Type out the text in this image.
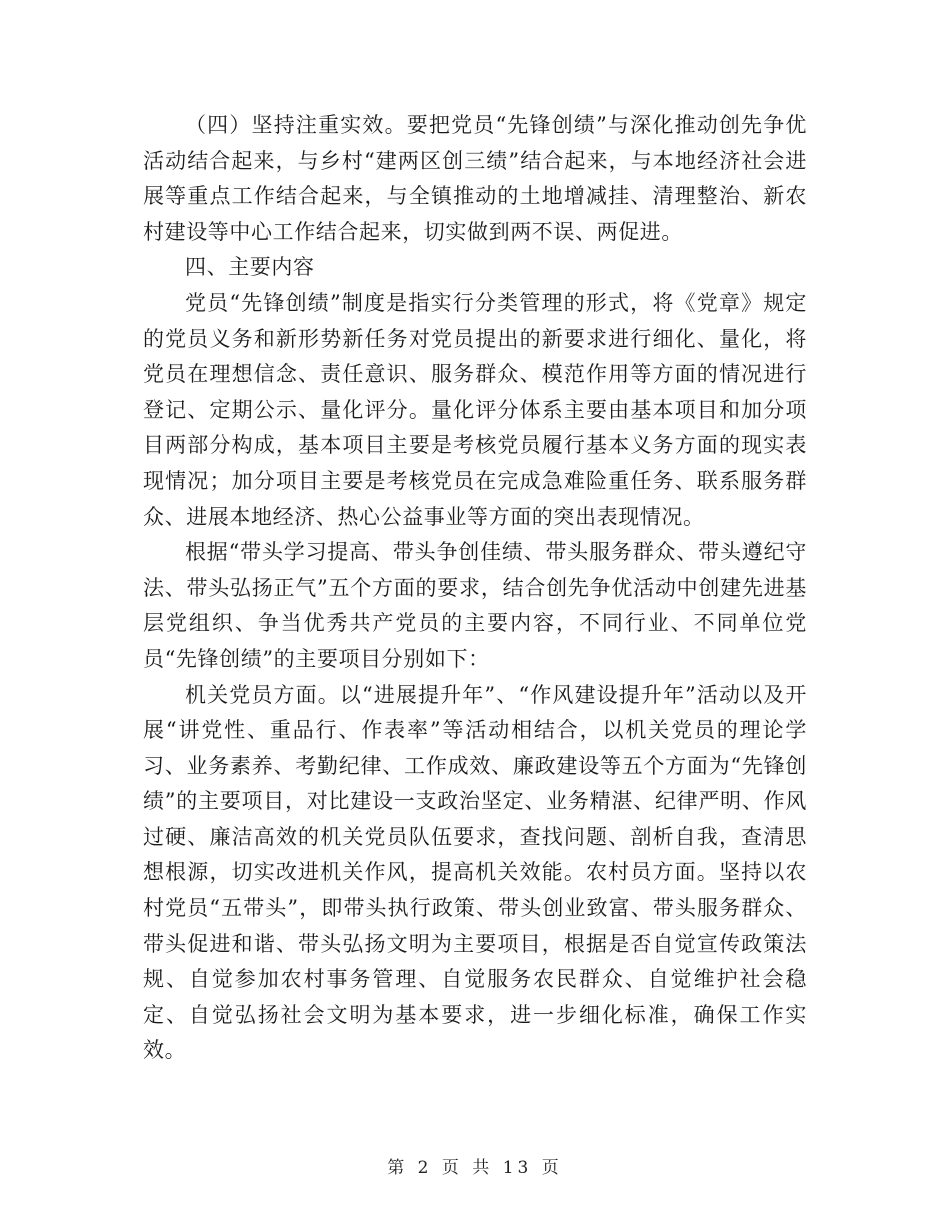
（四）坚持注重实效。要把党员“先锋创绩”与深化推动创先争优活动结合起来，与乡村“建两区创三绩”结合起来，与本地经济社会进展等重点工作结合起来，与全镇推动的土地增减挂、清理整治、新农村建设等中心工作结合起来，切实做到两不误、两促进。

四、主要内容

党员“先锋创绩”制度是指实行分类管理的形式，将《党章》规定的党员义务和新形势新任务对党员提出的新要求进行细化、量化，将党员在理想信念、责任意识、服务群众、模范作用等方面的情况进行登记、定期公示、量化评分。量化评分体系主要由基本项目和加分项目两部分构成，基本项目主要是考核党员履行基本义务方面的现实表现情况；加分项目主要是考核党员在完成急难险重任务、联系服务群众、进展本地经济、热心公益事业等方面的突出表现情况。

根据“带头学习提高、带头争创佳绩、带头服务群众、带头遵纪守法、带头弘扬正气”五个方面的要求，结合创先争优活动中创建先进基层党组织、争当优秀共产党员的主要内容，不同行业、不同单位党员“先锋创绩”的主要项目分别如下：

机关党员方面。以“进展提升年”、“作风建设提升年”活动以及开展“讲党性、重品行、作表率”等活动相结合，以机关党员的理论学习、业务素养、考勤纪律、工作成效、廉政建设等五个方面为“先锋创绩”的主要项目，对比建设一支政治坚定、业务精湛、纪律严明、作风过硬、廉洁高效的机关党员队伍要求，查找问题、剖析自我，查清思想根源，切实改进机关作风，提高机关效能。农村员方面。坚持以农村党员“五带头”，即带头执行政策、带头创业致富、带头服务群众、带头促进和谐、带头弘扬文明为主要项目，根据是否自觉宣传政策法规、自觉参加农村事务管理、自觉服务农民群众、自觉维护社会稳定、自觉弘扬社会文明为基本要求，进一步细化标准，确保工作实效。

第 2 页 共 13 页
